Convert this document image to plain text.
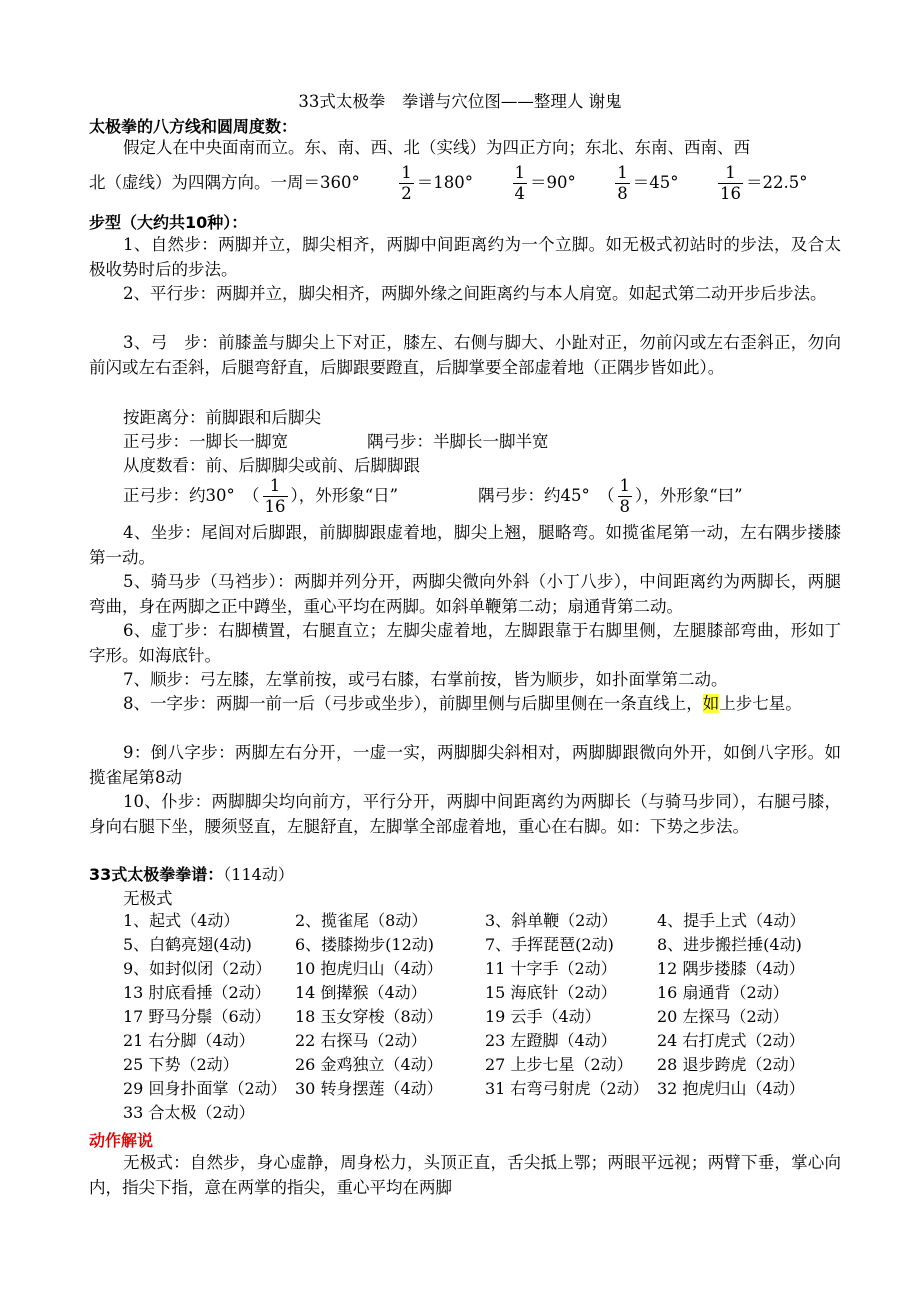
33式太极拳　拳谱与穴位图——整理人 谢鬼
太极拳的八方线和圆周度数：

假定人在中央面南而立。东、南、西、北（实线）为四正方向；东北、东南、西南、西

北（虚线）为四隅方向。一周$=360^\circ \frac{1}{2} =180^\circ \frac{1}{4} =90^\circ \frac{1}{8} =45^\circ \frac{1}{16} =22.5^\circ$
步型（大约共10种）：

1、自然步：两脚并立，脚尖相齐，两脚中间距离约为一个立脚。如无极式初站时的步法，及合太极收势时后的步法。

2、平行步：两脚并立，脚尖相齐，两脚外缘之间距离约与本人肩宽。如起式第二动开步后步法。

3、弓　步：前膝盖与脚尖上下对正，膝左、右侧与脚大、小趾对正，勿前闪或左右歪斜正，勿向前闪或左右歪斜，后腿弯舒直，后脚跟要蹬直，后脚掌要全部虚着地（正隅步皆如此）。

按距离分：前脚跟和后脚尖
正弓步：一脚长一脚宽	隅弓步：半脚长一脚半宽
从度数看：前、后脚脚尖或前、后脚脚跟
正弓步：约30°　（ $\frac{1}{16}$ ），外形象“日”	隅弓步：约45°　（ $\frac{1}{8}$ ），外形象“曰”

4、坐步：尾闾对后脚跟，前脚脚跟虚着地，脚尖上翘，腿略弯。如揽雀尾第一动，左右隅步搂膝第一动。

5、骑马步（马裆步）：两脚并列分开，两脚尖微向外斜（小丁八步），中间距离约为两脚长，两腿弯曲，身在两脚之正中蹲坐，重心平均在两脚。如斜单鞭第二动；扇通背第二动。

6、虚丁步：右脚横置，右腿直立；左脚尖虚着地，左脚跟靠于右脚里侧，左腿膝部弯曲，形如丁字形。如海底针。

7、顺步：弓左膝，左掌前按，或弓右膝，右掌前按，皆为顺步，如扑面掌第二动。

8、一字步：两脚一前一后（弓步或坐步），前脚里侧与后脚里侧在一条直线上，如上步七星。

9：倒八字步：两脚左右分开，一虚一实，两脚脚尖斜相对，两脚脚跟微向外开，如倒八字形。如揽雀尾第8动

10、仆步：两脚脚尖均向前方，平行分开，两脚中间距离约为两脚长（与骑马步同），右腿弓膝，身向右腿下坐，腰须竖直，左腿舒直，左脚掌全部虚着地，重心在右脚。如：下势之步法。

33式太极拳拳谱：（114动）
无极式
1、起式（4动）	2、揽雀尾（8动）	3、斜单鞭（2动）	4、提手上式（4动）
5、白鹤亮翅(4动)	6、搂膝拗步(12动)	7、手挥琵琶(2动)	8、进步搬拦捶(4动)
9、如封似闭（2动）	10 抱虎归山（4动）	11 十字手（2动）	12 隅步搂膝（4动）
13 肘底看捶（2动）	14 倒撵猴（4动）	15 海底针（2动）	16 扇通背（2动）
17 野马分鬃（6动）	18 玉女穿梭（8动）	19 云手（4动）	20 左探马（2动）
21 右分脚（4动）	22 右探马（2动）	23 左蹬脚（4动）	24 右打虎式（2动）
25 下势（2动）	26 金鸡独立（4动）	27 上步七星（2动）	28 退步跨虎（2动）
29 回身扑面掌（2动）	30 转身摆莲（4动）	31 右弯弓射虎（2动）	32 抱虎归山（4动）
33 合太极（2动）			
动作解说

无极式：自然步，身心虚静，周身松力，头顶正直，舌尖抵上鄂；两眼平远视；两臂下垂，掌心向内，指尖下指，意在两掌的指尖，重心平均在两脚
